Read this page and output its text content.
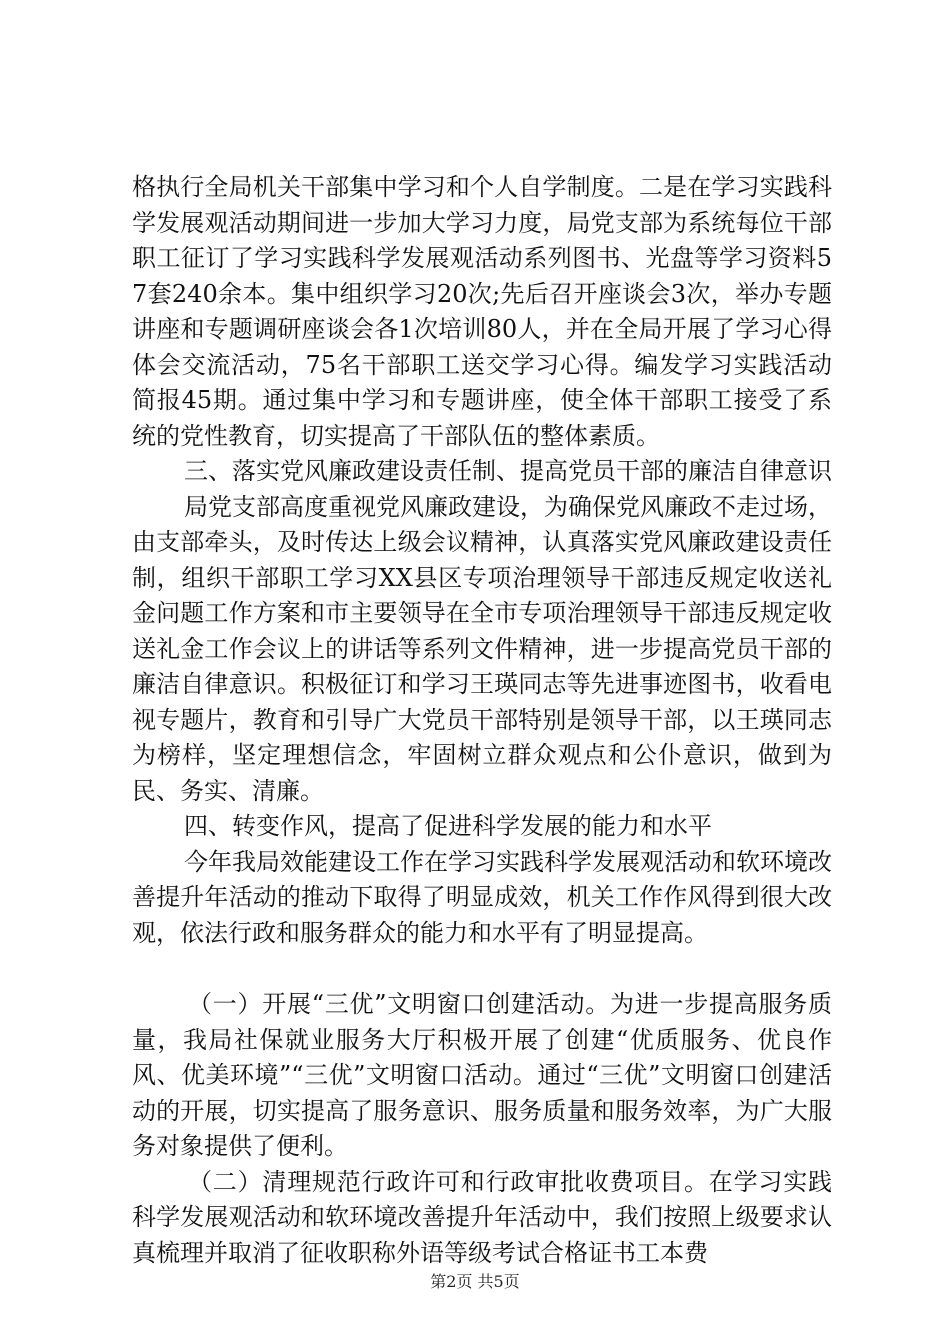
格执行全局机关干部集中学习和个人自学制度。二是在学习实践科学发展观活动期间进一步加大学习力度，局党支部为系统每位干部职工征订了学习实践科学发展观活动系列图书、光盘等学习资料57套240余本。集中组织学习20次;先后召开座谈会3次，举办专题讲座和专题调研座谈会各1次培训80人，并在全局开展了学习心得体会交流活动，75名干部职工送交学习心得。编发学习实践活动简报45期。通过集中学习和专题讲座，使全体干部职工接受了系统的党性教育，切实提高了干部队伍的整体素质。

三、落实党风廉政建设责任制、提高党员干部的廉洁自律意识

局党支部高度重视党风廉政建设，为确保党风廉政不走过场，由支部牵头，及时传达上级会议精神，认真落实党风廉政建设责任制，组织干部职工学习XX县区专项治理领导干部违反规定收送礼金问题工作方案和市主要领导在全市专项治理领导干部违反规定收送礼金工作会议上的讲话等系列文件精神，进一步提高党员干部的廉洁自律意识。积极征订和学习王瑛同志等先进事迹图书，收看电视专题片，教育和引导广大党员干部特别是领导干部，以王瑛同志为榜样，坚定理想信念，牢固树立群众观点和公仆意识，做到为民、务实、清廉。

四、转变作风，提高了促进科学发展的能力和水平

今年我局效能建设工作在学习实践科学发展观活动和软环境改善提升年活动的推动下取得了明显成效，机关工作作风得到很大改观，依法行政和服务群众的能力和水平有了明显提高。

（一）开展“三优”文明窗口创建活动。为进一步提高服务质量，我局社保就业服务大厅积极开展了创建“优质服务、优良作风、优美环境”“三优”文明窗口活动。通过“三优”文明窗口创建活动的开展，切实提高了服务意识、服务质量和服务效率，为广大服务对象提供了便利。

（二）清理规范行政许可和行政审批收费项目。在学习实践科学发展观活动和软环境改善提升年活动中，我们按照上级要求认真梳理并取消了征收职称外语等级考试合格证书工本费

第2页 共5页
